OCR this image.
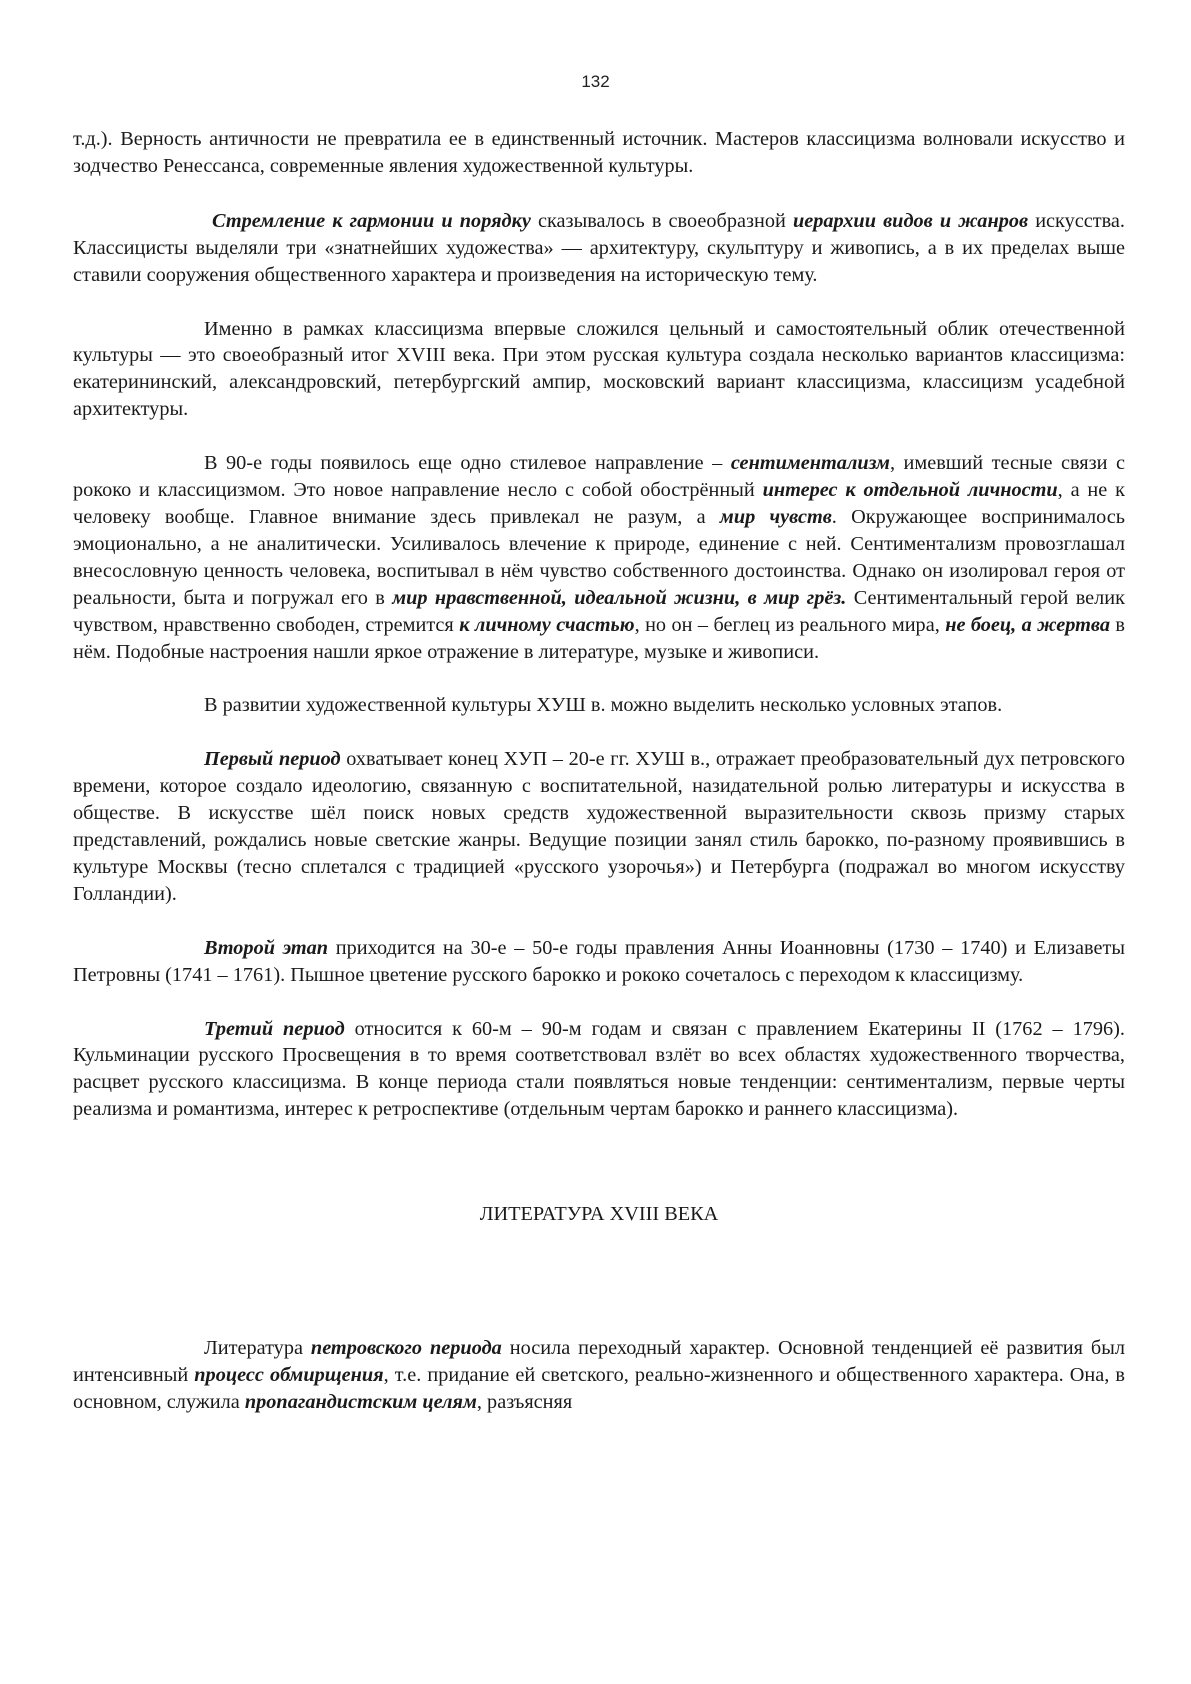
132

т.д.). Верность античности не превратила ее в единственный источник. Мастеров классицизма волновали искусство и зодчество Ренессанса, современные явления художественной культуры.

Стремление к гармонии и порядку сказывалось в своеобразной иерархии видов и жанров искусства. Классицисты выделяли три «знатнейших художества» — архитектуру, скульптуру и живопись, а в их пределах выше ставили сооружения общественного характера и произведения на историческую тему.

Именно в рамках классицизма впервые сложился цельный и самостоятельный облик отечественной культуры — это своеобразный итог XVIII века. При этом русская культура создала несколько вариантов классицизма: екатерининский, александровский, петербургский ампир, московский вариант классицизма, классицизм усадебной архитектуры.

В 90-е годы появилось еще одно стилевое направление – сентиментализм, имевший тесные связи с рококо и классицизмом. Это новое направление несло с собой обострённый интерес к отдельной личности, а не к человеку вообще. Главное внимание здесь привлекал не разум, а мир чувств. Окружающее воспринималось эмоционально, а не аналитически. Усиливалось влечение к природе, единение с ней. Сентиментализм провозглашал внесословную ценность человека, воспитывал в нём чувство собственного достоинства. Однако он изолировал героя от реальности, быта и погружал его в мир нравственной, идеальной жизни, в мир грёз. Сентиментальный герой велик чувством, нравственно свободен, стремится к личному счастью, но он – беглец из реального мира, не боец, а жертва в нём. Подобные настроения нашли яркое отражение в литературе, музыке и живописи.

В развитии художественной культуры ХУШ в. можно выделить несколько условных этапов.

Первый период охватывает конец ХУП – 20-е гг. ХУШ в., отражает преобразовательный дух петровского времени, которое создало идеологию, связанную с воспитательной, назидательной ролью литературы и искусства в обществе. В искусстве шёл поиск новых средств художественной выразительности сквозь призму старых представлений, рождались новые светские жанры. Ведущие позиции занял стиль барокко, по-разному проявившись в культуре Москвы (тесно сплетался с традицией «русского узорочья») и Петербурга (подражал во многом искусству Голландии).

Второй этап приходится на 30-е – 50-е годы правления Анны Иоанновны (1730 – 1740) и Елизаветы Петровны (1741 – 1761). Пышное цветение русского барокко и рококо сочеталось с переходом к классицизму.

Третий период относится к 60-м – 90-м годам и связан с правлением Екатерины II (1762 – 1796). Кульминации русского Просвещения в то время соответствовал взлёт во всех областях художественного творчества, расцвет русского классицизма. В конце периода стали появляться новые тенденции: сентиментализм, первые черты реализма и романтизма, интерес к ретроспективе (отдельным чертам барокко и раннего классицизма).

ЛИТЕРАТУРА XVIII ВЕКА

Литература петровского периода носила переходный характер. Основной тенденцией её развития был интенсивный процесс обмирщения, т.е. придание ей светского, реально-жизненного и общественного характера. Она, в основном, служила пропагандистским целям, разъясняя
